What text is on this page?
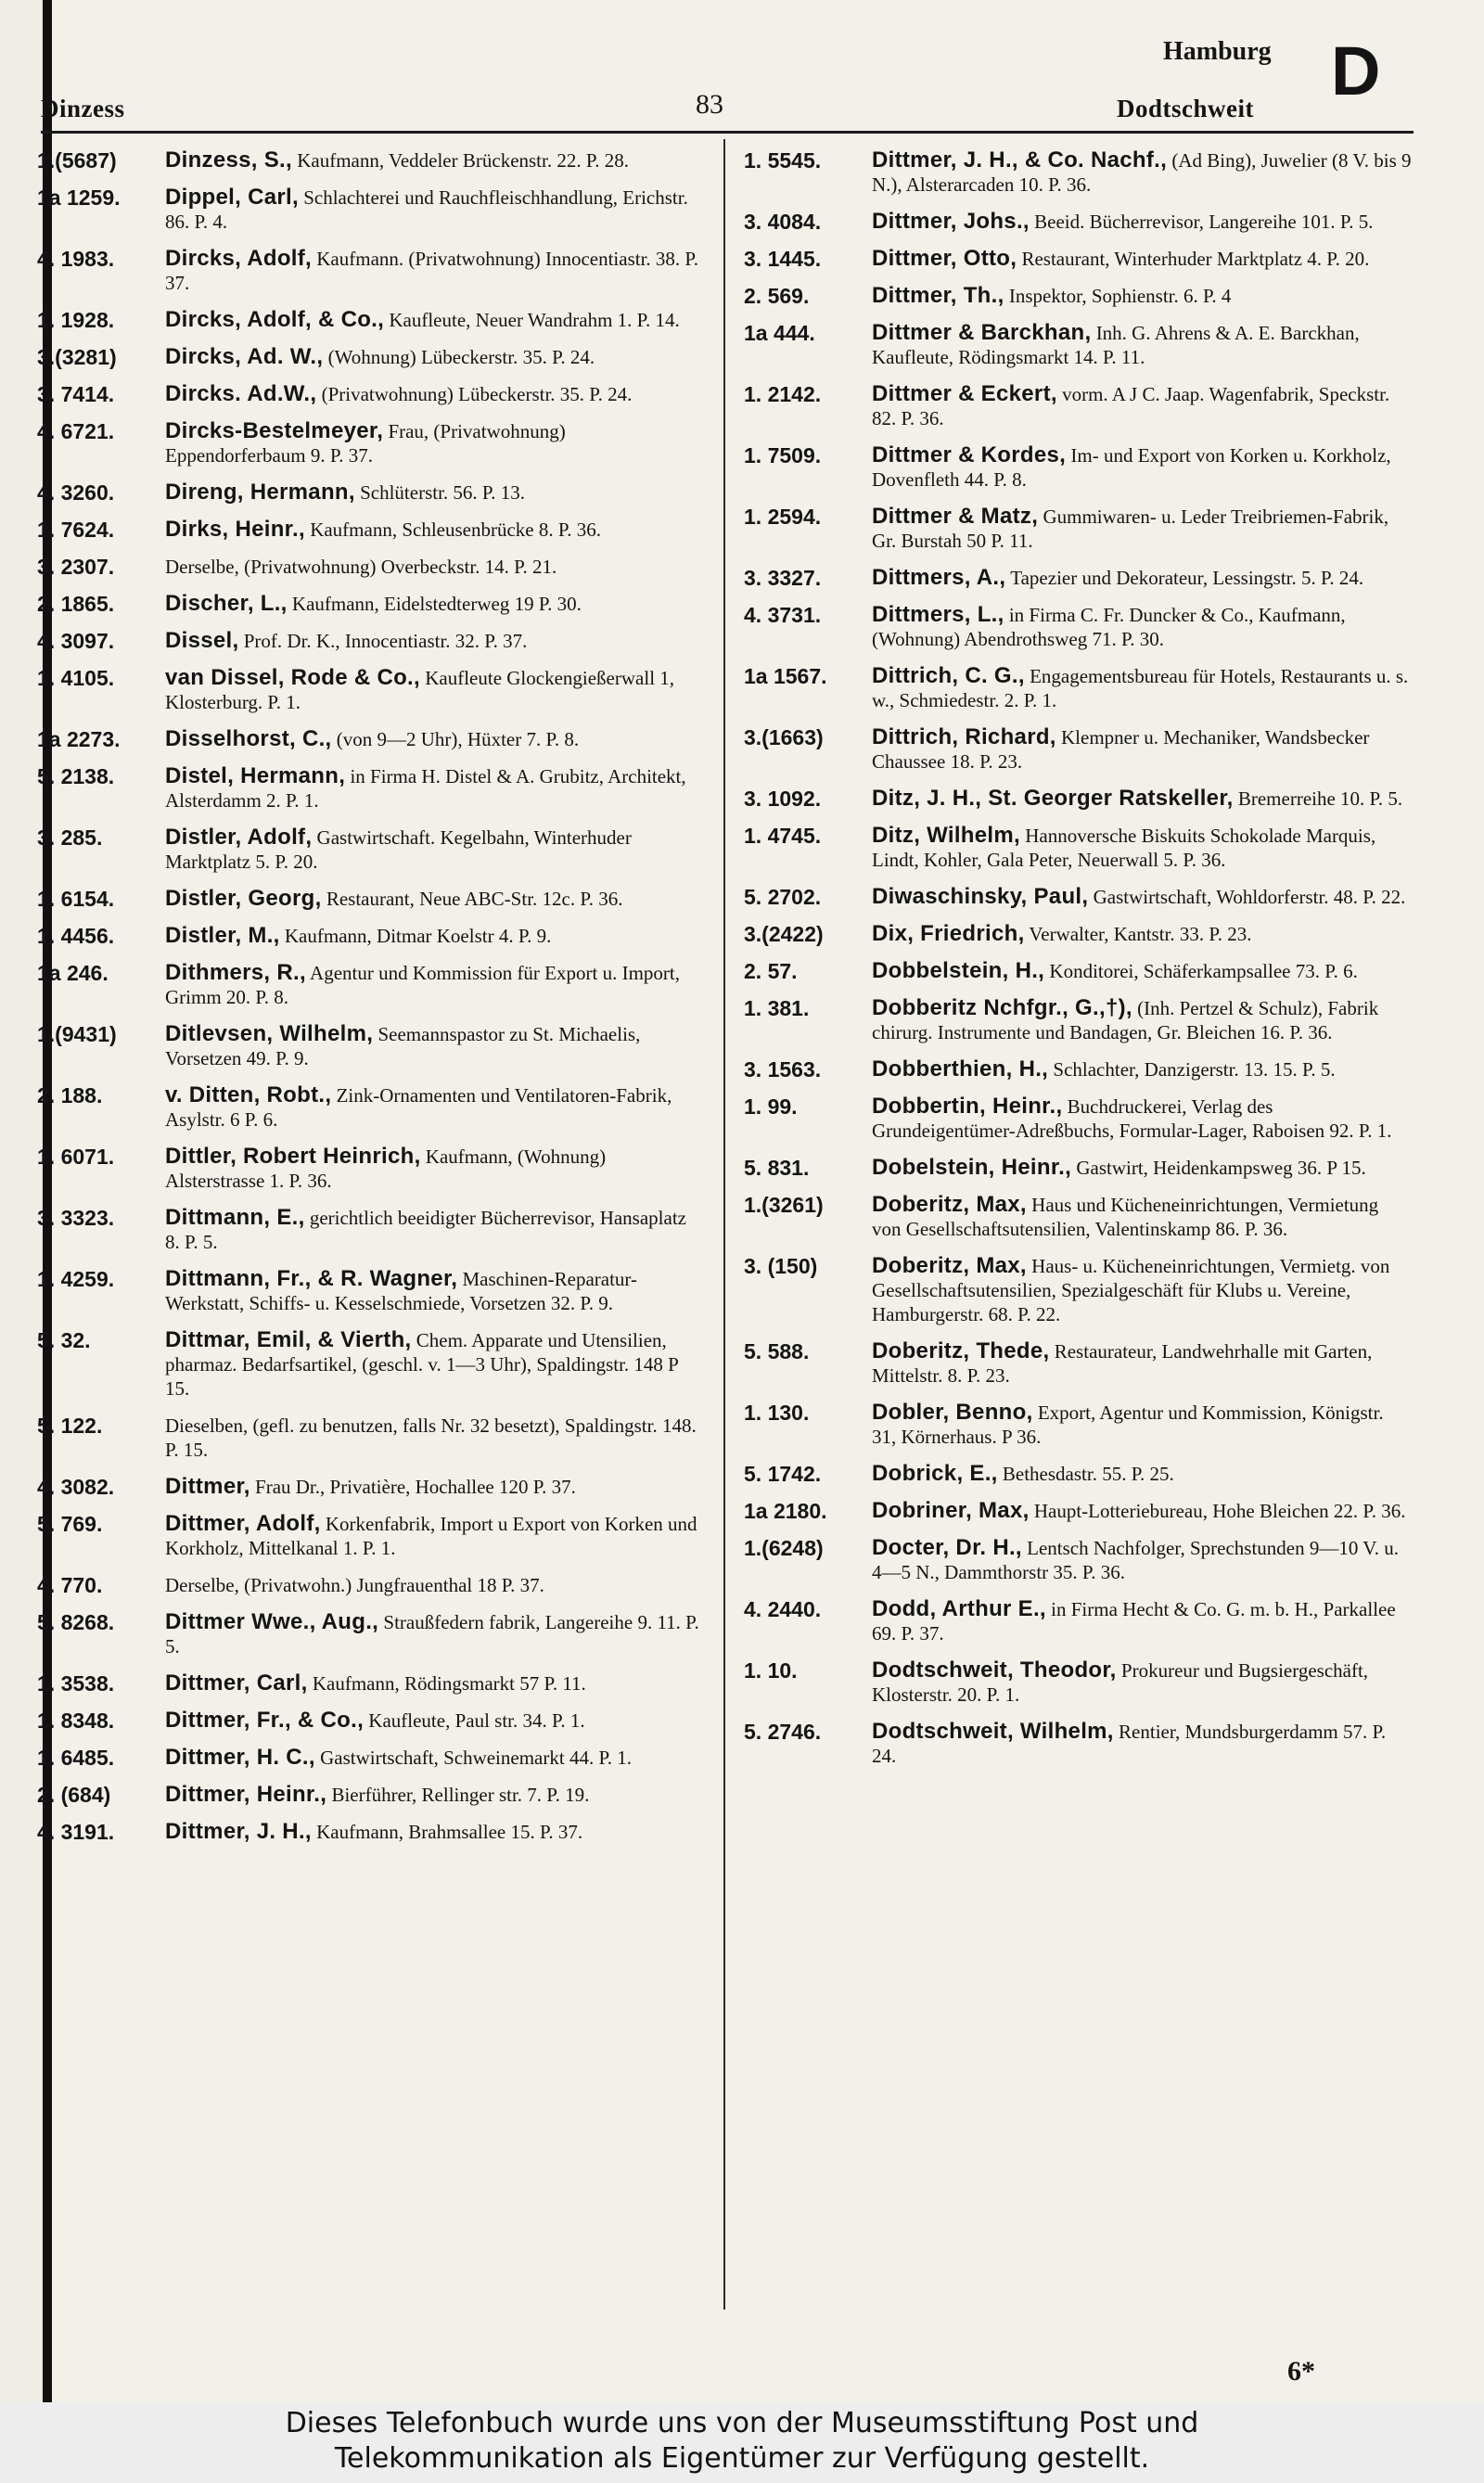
Dinzess	83
Hamburg
Dodtschweit D
1.(5687)	Dinzess, S., Kaufmann, Veddeler Brückenstr. 22. P. 28.
1a 1259.	Dippel, Carl, Schlachterei und Rauchfleischhandlung, Erichstr. 86. P. 4.
4. 1983.	Dircks, Adolf, Kaufmann. (Privatwohnung) Innocentiastr. 38. P. 37.
1. 1928.	Dircks, Adolf, & Co., Kaufleute, Neuer Wandrahm 1. P. 14.
3.(3281)	Dircks, Ad. W., (Wohnung) Lübeckerstr. 35. P. 24.
3. 7414.	Dircks. Ad.W., (Privatwohnung) Lübeckerstr. 35. P. 24.
4. 6721.	Dircks-Bestelmeyer, Frau, (Privatwohnung) Eppendorferbaum 9. P. 37.
4. 3260.	Direng, Hermann, Schlüterstr. 56. P. 13.
1. 7624.	Dirks, Heinr., Kaufmann, Schleusenbrücke 8. P. 36.
3. 2307.	Derselbe, (Privatwohnung) Overbeckstr. 14. P. 21.
2. 1865.	Discher, L., Kaufmann, Eidelstedterweg 19 P. 30.
4. 3097.	Dissel, Prof. Dr. K., Innocentiastr. 32. P. 37.
1. 4105.	van Dissel, Rode & Co., Kaufleute Glockengießerwall 1, Klosterburg. P. 1.
1a 2273.	Disselhorst, C., (von 9—2 Uhr), Hüxter 7. P. 8.
5. 2138.	Distel, Hermann, in Firma H. Distel & A. Grubitz, Architekt, Alsterdamm 2. P. 1.
3. 285.	Distler, Adolf, Gastwirtschaft. Kegelbahn, Winterhuder Marktplatz 5. P. 20.
1. 6154.	Distler, Georg, Restaurant, Neue ABC-Str. 12c. P. 36.
1. 4456.	Distler, M., Kaufmann, Ditmar Koelstr 4. P. 9.
1a 246.	Dithmers, R., Agentur und Kommission für Export u. Import, Grimm 20. P. 8.
1.(9431)	Ditlevsen, Wilhelm, Seemannspastor zu St. Michaelis, Vorsetzen 49. P. 9.
2. 188.	v. Ditten, Robt., Zink-Ornamenten und Ventilatoren-Fabrik, Asylstr. 6 P. 6.
1. 6071.	Dittler, Robert Heinrich, Kaufmann, (Wohnung) Alsterstrasse 1. P. 36.
3. 3323.	Dittmann, E., gerichtlich beeidigter Bücherrevisor, Hansaplatz 8. P. 5.
1. 4259.	Dittmann, Fr., & R. Wagner, Maschinen-Reparatur-Werkstatt, Schiffs- u. Kesselschmiede, Vorsetzen 32. P. 9.
5. 32.	Dittmar, Emil, & Vierth, Chem. Apparate und Utensilien, pharmaz. Bedarfsartikel, (geschl. v. 1—3 Uhr), Spaldingstr. 148 P 15.
5. 122.	Dieselben, (gefl. zu benutzen, falls Nr. 32 besetzt), Spaldingstr. 148. P. 15.
4. 3082.	Dittmer, Frau Dr., Privatière, Hochallee 120 P. 37.
5. 769.	Dittmer, Adolf, Korkenfabrik, Import u Export von Korken und Korkholz, Mittelkanal 1. P. 1.
4. 770.	Derselbe, (Privatwohn.) Jungfrauenthal 18 P. 37.
5. 8268.	Dittmer Wwe., Aug., Straußfedern fabrik, Langereihe 9. 11. P. 5.
1. 3538.	Dittmer, Carl, Kaufmann, Rödingsmarkt 57 P. 11.
1. 8348.	Dittmer, Fr., & Co., Kaufleute, Paul str. 34. P. 1.
1. 6485.	Dittmer, H. C., Gastwirtschaft, Schweinemarkt 44. P. 1.
2. (684)	Dittmer, Heinr., Bierführer, Rellinger str. 7. P. 19.
4. 3191.	Dittmer, J. H., Kaufmann, Brahmsallee 15. P. 37.
1. 5545.	Dittmer, J. H., & Co. Nachf., (Ad Bing), Juwelier (8 V. bis 9 N.), Alsterarcaden 10. P. 36.
3. 4084.	Dittmer, Johs., Beeid. Bücherrevisor, Langereihe 101. P. 5.
3. 1445.	Dittmer, Otto, Restaurant, Winterhuder Marktplatz 4. P. 20.
2. 569.	Dittmer, Th., Inspektor, Sophienstr. 6. P. 4
1a 444.	Dittmer & Barckhan, Inh. G. Ahrens & A. E. Barckhan, Kaufleute, Rödingsmarkt 14. P. 11.
1. 2142.	Dittmer & Eckert, vorm. A J C. Jaap. Wagenfabrik, Speckstr. 82. P. 36.
1. 7509.	Dittmer & Kordes, Im- und Export von Korken u. Korkholz, Dovenfleth 44. P. 8.
1. 2594.	Dittmer & Matz, Gummiwaren- u. Leder Treibriemen-Fabrik, Gr. Burstah 50 P. 11.
3. 3327.	Dittmers, A., Tapezier und Dekorateur, Lessingstr. 5. P. 24.
4. 3731.	Dittmers, L., in Firma C. Fr. Duncker & Co., Kaufmann, (Wohnung) Abendrothsweg 71. P. 30.
1a 1567.	Dittrich, C. G., Engagementsbureau für Hotels, Restaurants u. s. w., Schmiedestr. 2. P. 1.
3.(1663)	Dittrich, Richard, Klempner u. Mechaniker, Wandsbecker Chaussee 18. P. 23.
3. 1092.	Ditz, J. H., St. Georger Ratskeller, Bremerreihe 10. P. 5.
1. 4745.	Ditz, Wilhelm, Hannoversche Biskuits Schokolade Marquis, Lindt, Kohler, Gala Peter, Neuerwall 5. P. 36.
5. 2702.	Diwaschinsky, Paul, Gastwirtschaft, Wohldorferstr. 48. P. 22.
3.(2422)	Dix, Friedrich, Verwalter, Kantstr. 33. P. 23.
2. 57.	Dobbelstein, H., Konditorei, Schäferkampsallee 73. P. 6.
1. 381.	Dobberitz Nchfgr., G.,†), (Inh. Pertzel & Schulz), Fabrik chirurg. Instrumente und Bandagen, Gr. Bleichen 16. P. 36.
3. 1563.	Dobberthien, H., Schlachter, Danzigerstr. 13. 15. P. 5.
1. 99.	Dobbertin, Heinr., Buchdruckerei, Verlag des Grundeigentümer-Adreßbuchs, Formular-Lager, Raboisen 92. P. 1.
5. 831.	Dobelstein, Heinr., Gastwirt, Heidenkampsweg 36. P 15.
1.(3261)	Doberitz, Max, Haus und Kücheneinrichtungen, Vermietung von Gesellschaftsutensilien, Valentinskamp 86. P. 36.
3. (150)	Doberitz, Max, Haus- u. Kücheneinrichtungen, Vermietg. von Gesellschaftsutensilien, Spezialgeschäft für Klubs u. Vereine, Hamburgerstr. 68. P. 22.
5. 588.	Doberitz, Thede, Restaurateur, Landwehrhalle mit Garten, Mittelstr. 8. P. 23.
1. 130.	Dobler, Benno, Export, Agentur und Kommission, Königstr. 31, Körnerhaus. P 36.
5. 1742.	Dobrick, E., Bethesdastr. 55. P. 25.
1a 2180.	Dobriner, Max, Haupt-Lotteriebureau, Hohe Bleichen 22. P. 36.
1.(6248)	Docter, Dr. H., Lentsch Nachfolger, Sprechstunden 9—10 V. u. 4—5 N., Dammthorstr 35. P. 36.
4. 2440.	Dodd, Arthur E., in Firma Hecht & Co. G. m. b. H., Parkallee 69. P. 37.
1. 10.	Dodtschweit, Theodor, Prokureur und Bugsiergeschäft, Klosterstr. 20. P. 1.
5. 2746.	Dodtschweit, Wilhelm, Rentier, Mundsburgerdamm 57. P. 24.
6*
Dieses Telefonbuch wurde uns von der Museumsstiftung Post und
Telekommunikation als Eigentümer zur Verfügung gestellt.
